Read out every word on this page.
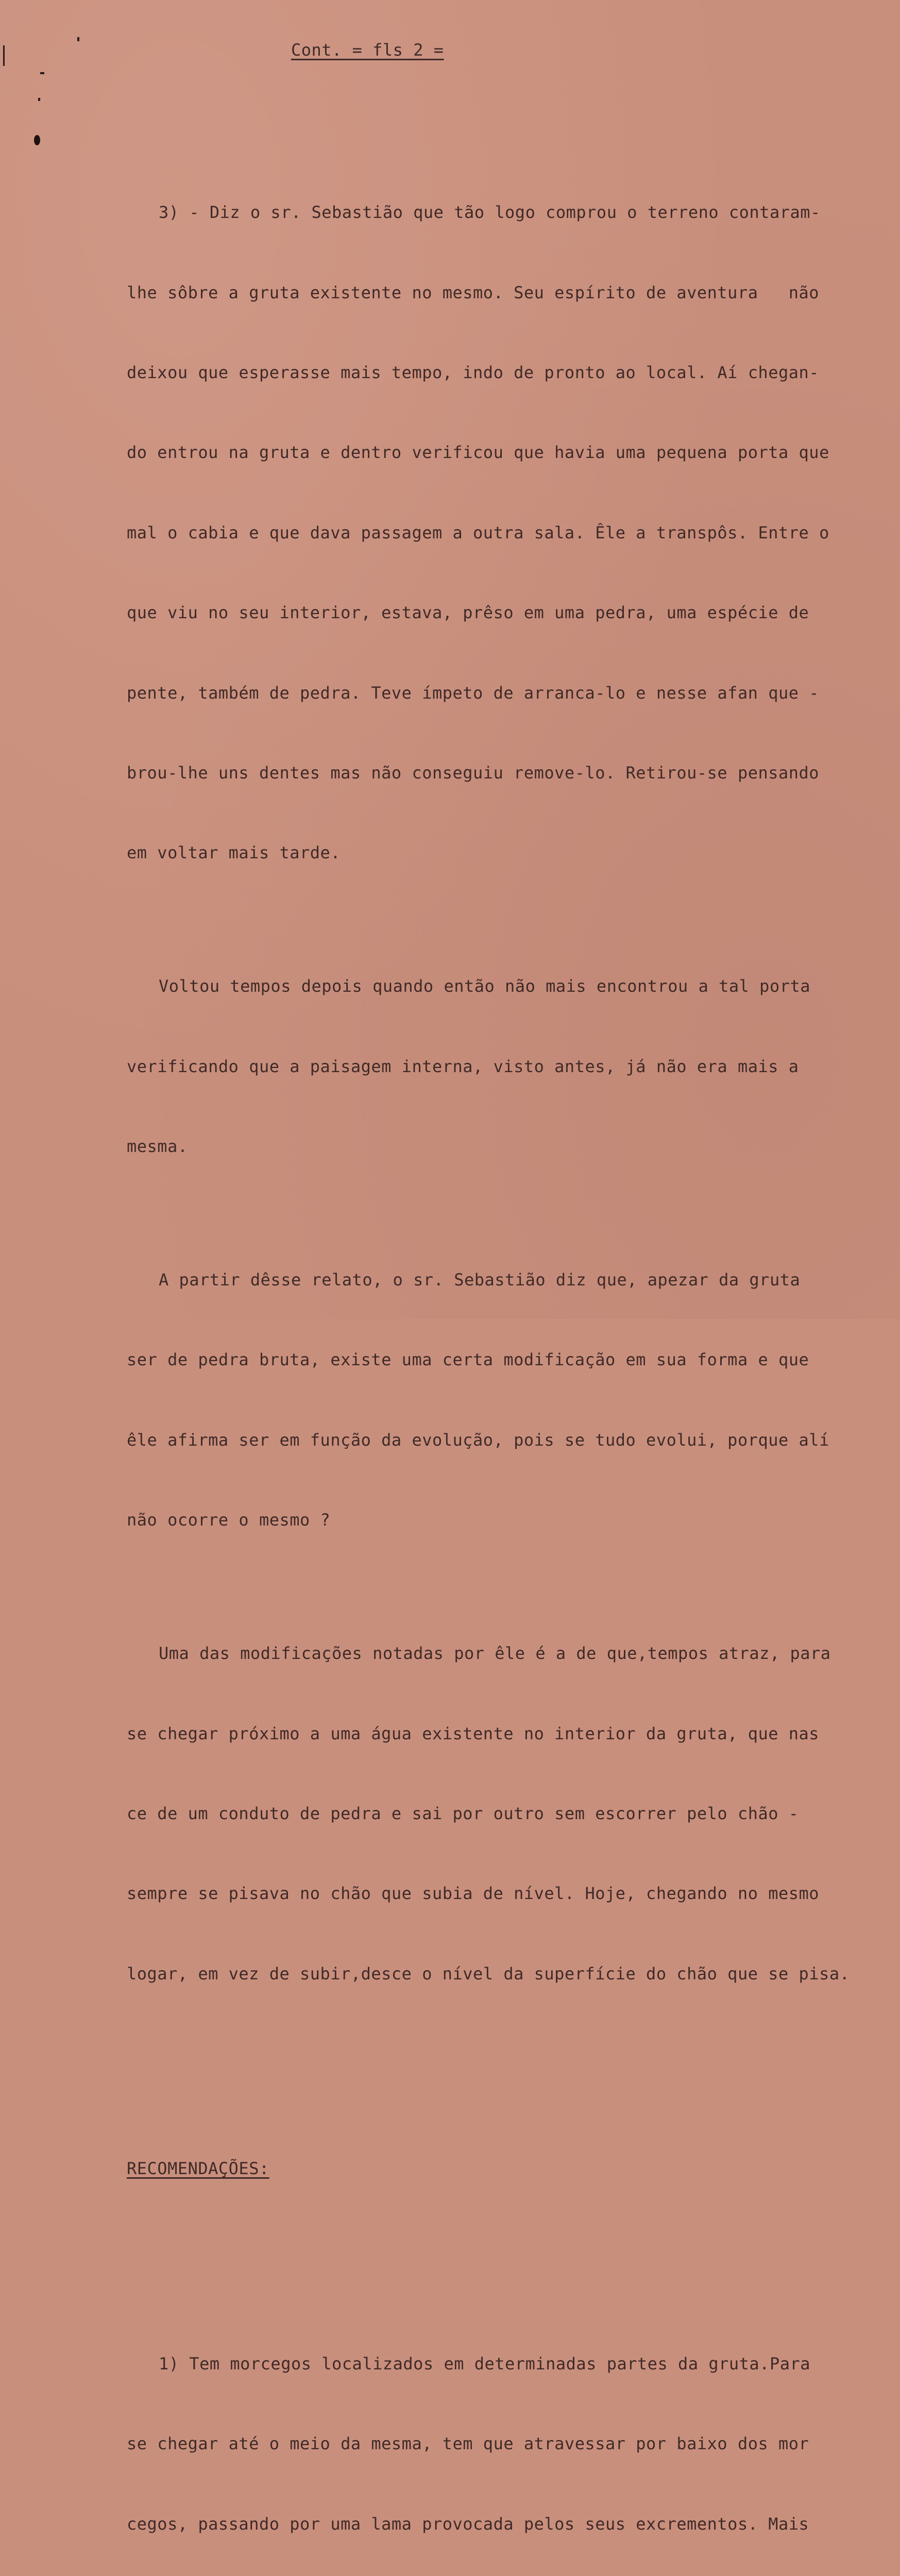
Cont. = fls 2 =

3) - Diz o sr. Sebastião que tão logo comprou o terreno contaram-

lhe sôbre a gruta existente no mesmo. Seu espírito de aventura   não

deixou que esperasse mais tempo, indo de pronto ao local. Aí chegan-

do entrou na gruta e dentro verificou que havia uma pequena porta que

mal o cabia e que dava passagem a outra sala. Êle a transpôs. Entre o

que viu no seu interior, estava, prêso em uma pedra, uma espécie de

pente, também de pedra. Teve ímpeto de arranca-lo e nesse afan que -

brou-lhe uns dentes mas não conseguiu remove-lo. Retirou-se pensando

em voltar mais tarde.

Voltou tempos depois quando então não mais encontrou a tal porta

verificando que a paisagem interna, visto antes, já não era mais a

mesma.

A partir dêsse relato, o sr. Sebastião diz que, apezar da gruta

ser de pedra bruta, existe uma certa modificação em sua forma e que

êle afirma ser em função da evolução, pois se tudo evolui, porque alí

não ocorre o mesmo ?

Uma das modificações notadas por êle é a de que,tempos atraz, para

se chegar próximo a uma água existente no interior da gruta, que nas

ce de um conduto de pedra e sai por outro sem escorrer pelo chão -

sempre se pisava no chão que subia de nível. Hoje, chegando no mesmo

logar, em vez de subir,desce o nível da superfície do chão que se pisa.

RECOMENDAÇÕES:

1) Tem morcegos localizados em determinadas partes da gruta.Para

se chegar até o meio da mesma, tem que atravessar por baixo dos mor

cegos, passando por uma lama provocada pelos seus excrementos. Mais
